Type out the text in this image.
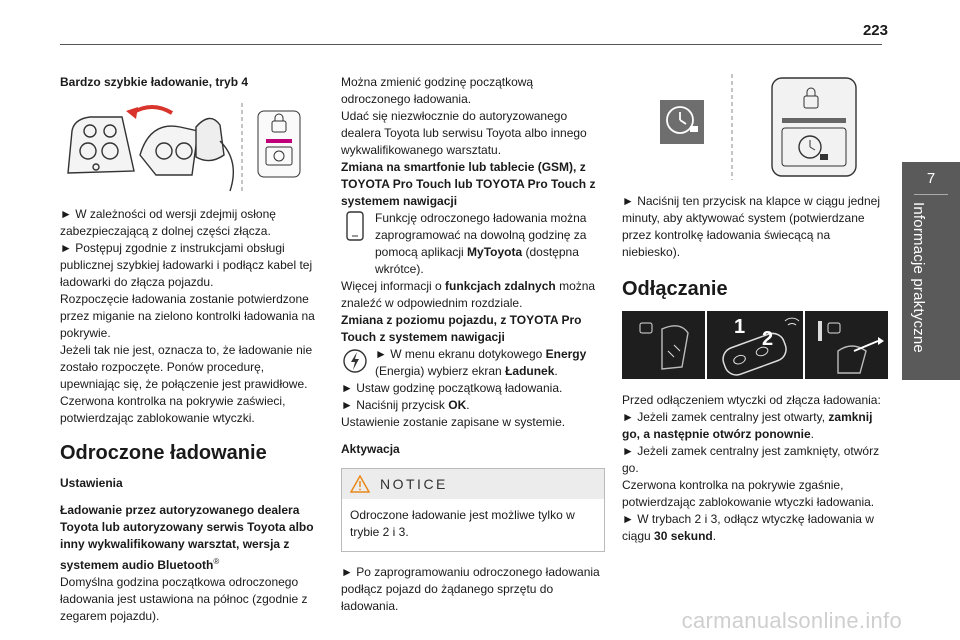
223
7
Informacje praktyczne

Bardzo szybkie ładowanie, tryb 4

► W zależności od wersji zdejmij osłonę zabezpieczającą z dolnej części złącza.

► Postępuj zgodnie z instrukcjami obsługi publicznej szybkiej ładowarki i podłącz kabel tej ładowarki do złącza pojazdu.

Rozpoczęcie ładowania zostanie potwierdzone przez miganie na zielono kontrolki ładowania na pokrywie.

Jeżeli tak nie jest, oznacza to, że ładowanie nie zostało rozpoczęte. Ponów procedurę, upewniając się, że połączenie jest prawidłowe.

Czerwona kontrolka na pokrywie zaświeci, potwierdzając zablokowanie wtyczki.

Odroczone ładowanie

Ustawienia

Ładowanie przez autoryzowanego dealera Toyota lub autoryzowany serwis Toyota albo inny wykwalifikowany warsztat, wersja z systemem audio Bluetooth®

Domyślna godzina początkowa odroczonego ładowania jest ustawiona na północ (zgodnie z zegarem pojazdu).

Można zmienić godzinę początkową odroczonego ładowania.

Udać się niezwłocznie do autoryzowanego dealera Toyota lub serwisu Toyota albo innego wykwalifikowanego warsztatu.

Zmiana na smartfonie lub tablecie (GSM), z TOYOTA Pro Touch lub TOYOTA Pro Touch z systemem nawigacji

Funkcję odroczonego ładowania można zaprogramować na dowolną godzinę za pomocą aplikacji MyToyota (dostępna wkrótce).

Więcej informacji o funkcjach zdalnych można znaleźć w odpowiednim rozdziale.

Zmiana z poziomu pojazdu, z TOYOTA Pro Touch z systemem nawigacji

► W menu ekranu dotykowego Energy (Energia) wybierz ekran Ładunek.

► Ustaw godzinę początkową ładowania.

► Naciśnij przycisk OK.

Ustawienie zostanie zapisane w systemie.

Aktywacja

NOTICE
Odroczone ładowanie jest możliwe tylko w trybie 2 i 3.

► Po zaprogramowaniu odroczonego ładowania podłącz pojazd do żądanego sprzętu do ładowania.

► Naciśnij ten przycisk na klapce w ciągu jednej minuty, aby aktywować system (potwierdzane przez kontrolkę ładowania świecącą na niebiesko).

Odłączanie
1
2

Przed odłączeniem wtyczki od złącza ładowania:

► Jeżeli zamek centralny jest otwarty, zamknij go, a następnie otwórz ponownie.

► Jeżeli zamek centralny jest zamknięty, otwórz go.

Czerwona kontrolka na pokrywie zgaśnie, potwierdzając zablokowanie wtyczki ładowania.

► W trybach 2 i 3, odłącz wtyczkę ładowania w ciągu 30 sekund.

carmanualsonline.info
